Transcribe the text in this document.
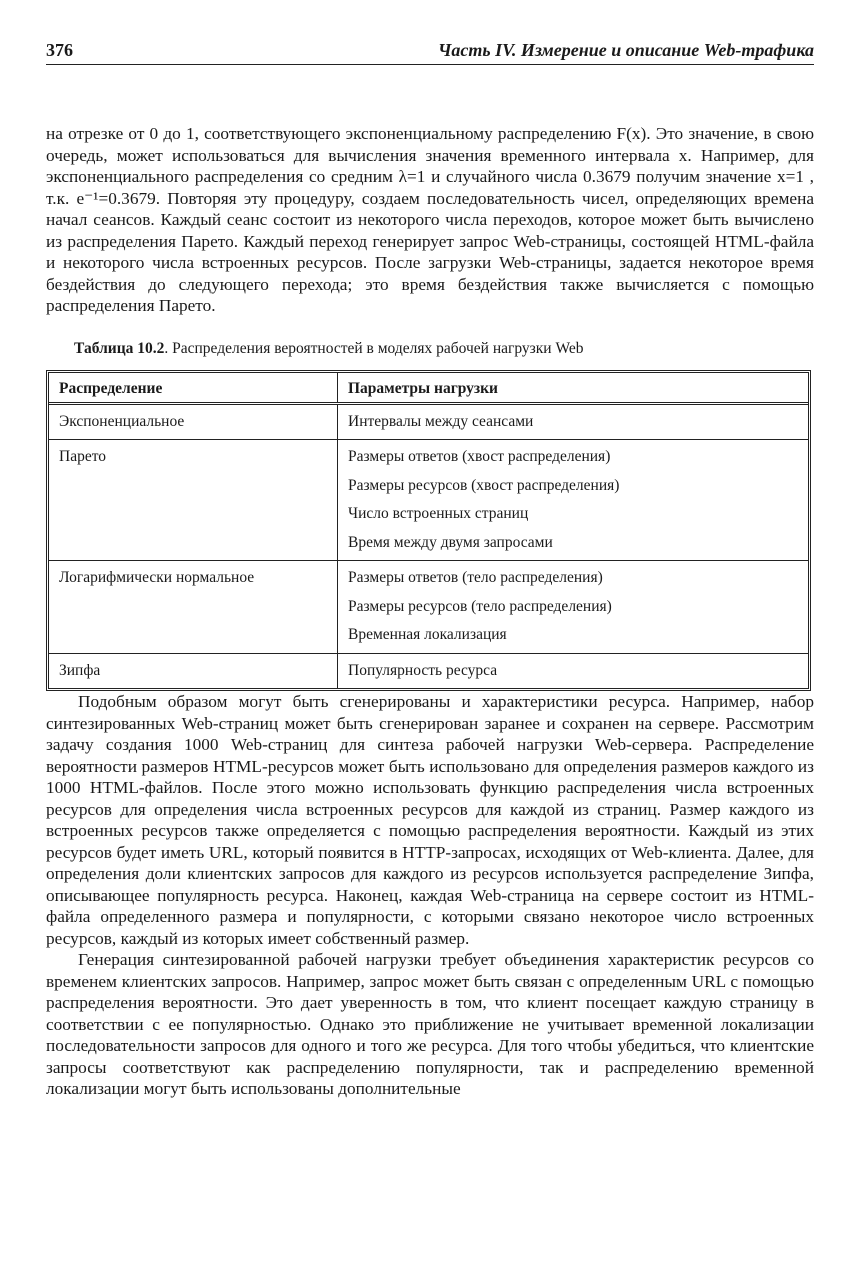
376	Часть IV. Измерение и описание Web-трафика

на отрезке от 0 до 1, соответствующего экспоненциальному распределению F(x). Это значение, в свою очередь, может использоваться для вычисления значения временного интервала x. Например, для экспоненциального распределения со средним λ=1 и случайного числа 0.3679 получим значение x=1 , т.к. e⁻¹=0.3679. Повторяя эту процедуру, создаем последовательность чисел, определяющих времена начал сеансов. Каждый сеанс состоит из некоторого числа переходов, которое может быть вычислено из распределения Парето. Каждый переход генерирует запрос Web-страницы, состоящей HTML-файла и некоторого числа встроенных ресурсов. После загрузки Web-страницы, задается некоторое время бездействия до следующего перехода; это время бездействия также вычисляется с помощью распределения Парето.

Таблица 10.2. Распределения вероятностей в моделях рабочей нагрузки Web
Распределение	Параметры нагрузки

Экспоненциальное	Интервалы между сеансами

Парето	Размеры ответов (хвост распределения)
Размеры ресурсов (хвост распределения)
Число встроенных страниц
Время между двумя запросами

Логарифмически нормальное	Размеры ответов (тело распределения)
Размеры ресурсов (тело распределения)
Временная локализация

Зипфа	Популярность ресурса

Подобным образом могут быть сгенерированы и характеристики ресурса. Например, набор синтезированных Web-страниц может быть сгенерирован заранее и сохранен на сервере. Рассмотрим задачу создания 1000 Web-страниц для синтеза рабочей нагрузки Web-сервера. Распределение вероятности размеров HTML-ресурсов может быть использовано для определения размеров каждого из 1000 HTML-файлов. После этого можно использовать функцию распределения числа встроенных ресурсов для определения числа встроенных ресурсов для каждой из страниц. Размер каждого из встроенных ресурсов также определяется с помощью распределения вероятности. Каждый из этих ресурсов будет иметь URL, который появится в HTTP-запросах, исходящих от Web-клиента. Далее, для определения доли клиентских запросов для каждого из ресурсов используется распределение Зипфа, описывающее популярность ресурса. Наконец, каждая Web-страница на сервере состоит из HTML-файла определенного размера и популярности, с которыми связано некоторое число встроенных ресурсов, каждый из которых имеет собственный размер.

Генерация синтезированной рабочей нагрузки требует объединения характеристик ресурсов со временем клиентских запросов. Например, запрос может быть связан с определенным URL с помощью распределения вероятности. Это дает уверенность в том, что клиент посещает каждую страницу в соответствии с ее популярностью. Однако это приближение не учитывает временной локализации последовательности запросов для одного и того же ресурса. Для того чтобы убедиться, что клиентские запросы соответствуют как распределению популярности, так и распределению временной локализации могут быть использованы дополнительные
